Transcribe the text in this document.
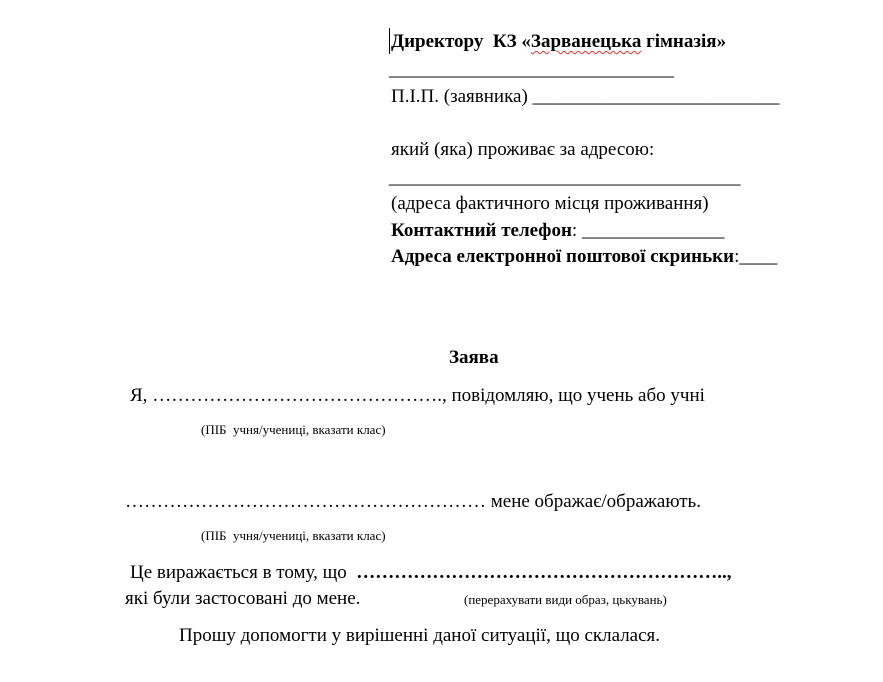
Директору  КЗ «Зарванецька гімназія»
______________________________
П.І.П. (заявника) __________________________
який (яка) проживає за адресою:
_____________________________________
(адреса фактичного місця проживання)
Контактний телефон: _______________
Адреса електронної поштової скриньки:____
Заява
Я, ………………………………………., повідомляю, що учень або учні
(ПІБ  учня/учениці, вказати клас)
………………………………………………… мене ображає/ображають.
(ПІБ  учня/учениці, вказати клас)
Це виражається в тому, що  …………………………………………………..,
які були застосовані до мене.	(перерахувати види образ, цькувань)
Прошу допомогти у вирішенні даної ситуації, що склалася.
